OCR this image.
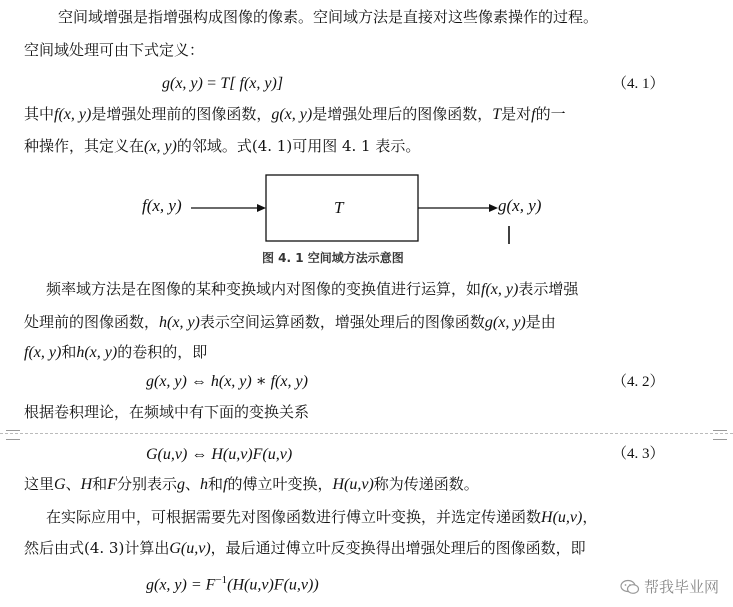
空间域增强是指增强构成图像的像素。空间域方法是直接对这些像素操作的过程。
空间域处理可由下式定义：
g(x, y) = T[ f(x, y)]	（4. 1）
其中f(x, y)是增强处理前的图像函数，g(x, y)是增强处理后的图像函数，T是对f的一
种操作，其定义在(x, y)的邻域。式(4. 1)可用图 4. 1 表示。
f(x, y)	T	g(x, y)
图 4. 1 空间域方法示意图
频率域方法是在图像的某种变换域内对图像的变换值进行运算，如f(x, y)表示增强
处理前的图像函数，h(x, y)表示空间运算函数，增强处理后的图像函数g(x, y)是由
f(x, y)和h(x, y)的卷积的，即
g(x, y) ⇔ h(x, y) ∗ f(x, y)	（4. 2）
根据卷积理论，在频域中有下面的变换关系
G(u,v) ⇔ H(u,v)F(u,v)	（4. 3）
这里G、H和F分别表示g、h和f的傅立叶变换，H(u,v)称为传递函数。
在实际应用中，可根据需要先对图像函数进行傅立叶变换，并选定传递函数H(u,v)，
然后由式(4. 3)计算出G(u,v)，最后通过傅立叶反变换得出增强处理后的图像函数，即
g(x, $y) = F^{-1}(H(u,v)F(u,v))$	帮我毕业网
